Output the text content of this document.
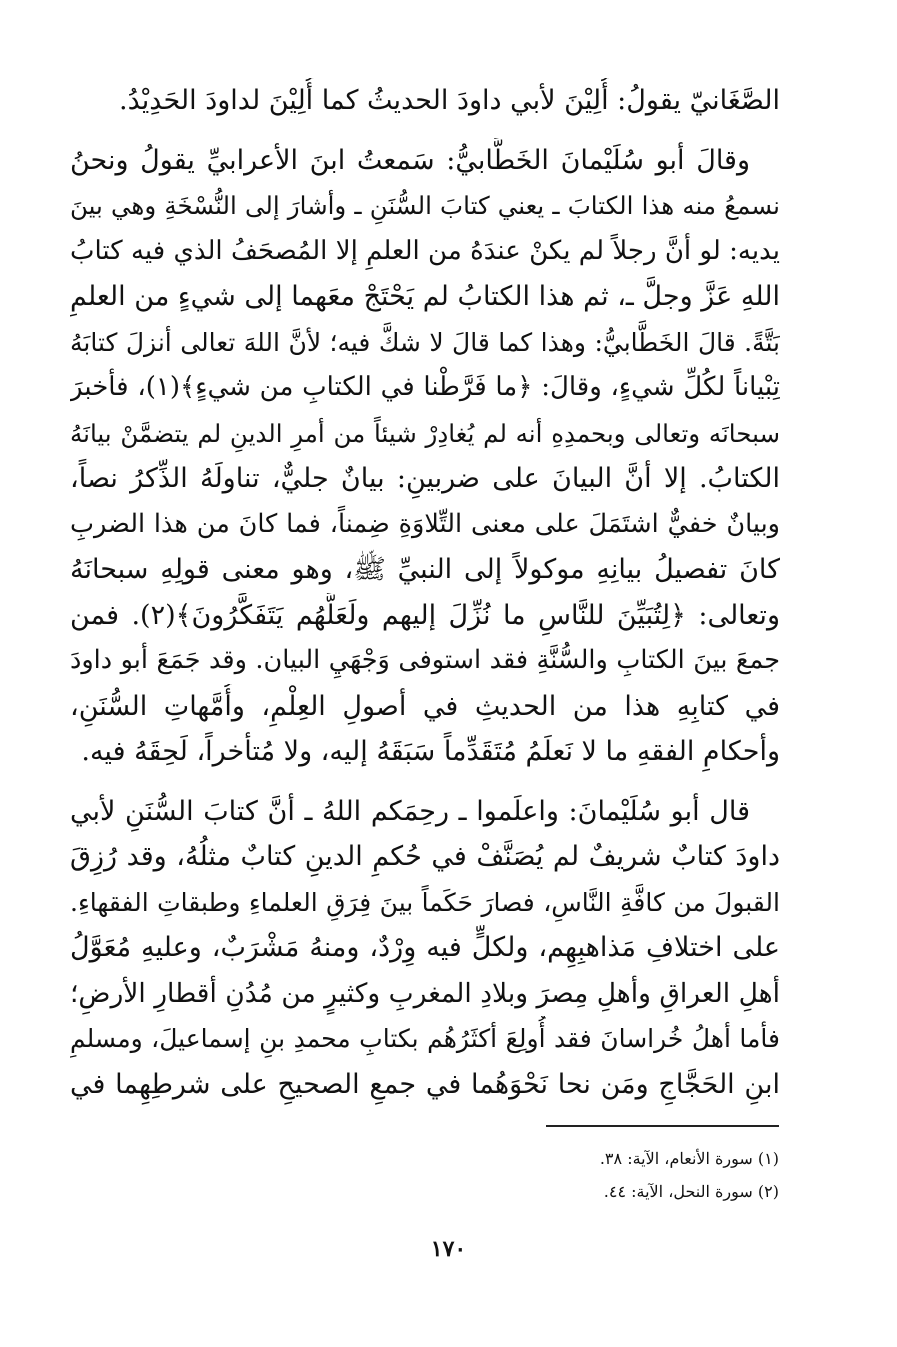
الصَّغَانيّ يقولُ: أُلِيْنَ لأبي داودَ الحديثُ كما أُلِيْنَ لداودَ الحَدِيْدُ.
وقالَ أبو سُلَيْمانَ الخَطَّابيُّ: سَمعتُ ابنَ الأعرابيِّ يقولُ ونحنُ
نسمعُ منه هذا الكتابَ ـ يعني كتابَ السُّنَنِ ـ وأشارَ إلى النُّسْخَةِ وهي بينَ
يديه: لو أنَّ رجلاً لم يكنْ عندَهُ من العلمِ إلا المُصحَفُ الذي فيه كتابُ
اللهِ عَزَّ وجلَّ ـ، ثم هذا الكتابُ لم يَحْتَجْ معَهما إلى شيءٍ من العلمِ
بَتَّةً. قالَ الخَطَّابيُّ: وهذا كما قالَ لا شكَّ فيه؛ لأنَّ اللهَ تعالى أنزلَ كتابَهُ
تِبْياناً لكُلِّ شيءٍ، وقالَ: ﴿ما فَرَّطْنا في الكتابِ من شيءٍ﴾(١)، فأخبرَ
سبحانَه وتعالى وبحمدِهِ أنه لم يُغادِرْ شيئاً من أمرِ الدينِ لم يتضمَّنْ بيانَهُ
الكتابُ. إلا أنَّ البيانَ على ضربينِ: بيانٌ جليٌّ، تناولَهُ الذِّكرُ نصاً،
وبيانٌ خفيٌّ اشتَمَلَ على معنى التِّلاوَةِ ضِمناً، فما كانَ من هذا الضربِ
كانَ تفصيلُ بيانِهِ موكولاً إلى النبيِّ ﷺ، وهو معنى قولِهِ سبحانَهُ
وتعالى: ﴿لِتُبَيِّنَ للنَّاسِ ما نُزِّلَ إليهم ولَعَلَّهُم يَتَفَكَّرُونَ﴾(٢). فمن
جمعَ بينَ الكتابِ والسُّنَّةِ فقد استوفى وَجْهَيِ البيان. وقد جَمَعَ أبو داودَ
في كتابِهِ هذا من الحديثِ في أصولِ العِلْمِ، وأُمَّهاتِ السُّنَنِ،
وأحكامِ الفقهِ ما لا نَعلَمُ مُتَقَدِّماً سَبَقَهُ إليه، ولا مُتأخراً، لَحِقَهُ فيه.
قال أبو سُلَيْمانَ: واعلَموا ـ رحِمَكم اللهُ ـ أنَّ كتابَ السُّنَنِ لأبي
داودَ كتابٌ شريفٌ لم يُصَنَّفْ في حُكمِ الدينِ كتابٌ مثلُهُ، وقد رُزِقَ
القبولَ من كافَّةِ النَّاسِ، فصارَ حَكَماً بينَ فِرَقِ العلماءِ وطبقاتِ الفقهاءِ.
على اختلافِ مَذاهبِهِم، ولكلٍّ فيه وِرْدٌ، ومنهُ مَشْرَبٌ، وعليهِ مُعَوَّلُ
أهلِ العراقِ وأهلِ مِصرَ وبلادِ المغربِ وكثيرٍ من مُدُنِ أقطارِ الأرضِ؛
فأما أهلُ خُراسانَ فقد أُولِعَ أكثَرُهُم بكتابِ محمدِ بنِ إسماعيلَ، ومسلمِ
ابنِ الحَجَّاجِ ومَن نحا نَحْوَهُما في جمعِ الصحيحِ على شرطِهِما في
(١) سورة الأنعام، الآية: ٣٨.
(٢) سورة النحل، الآية: ٤٤.
١٧٠
